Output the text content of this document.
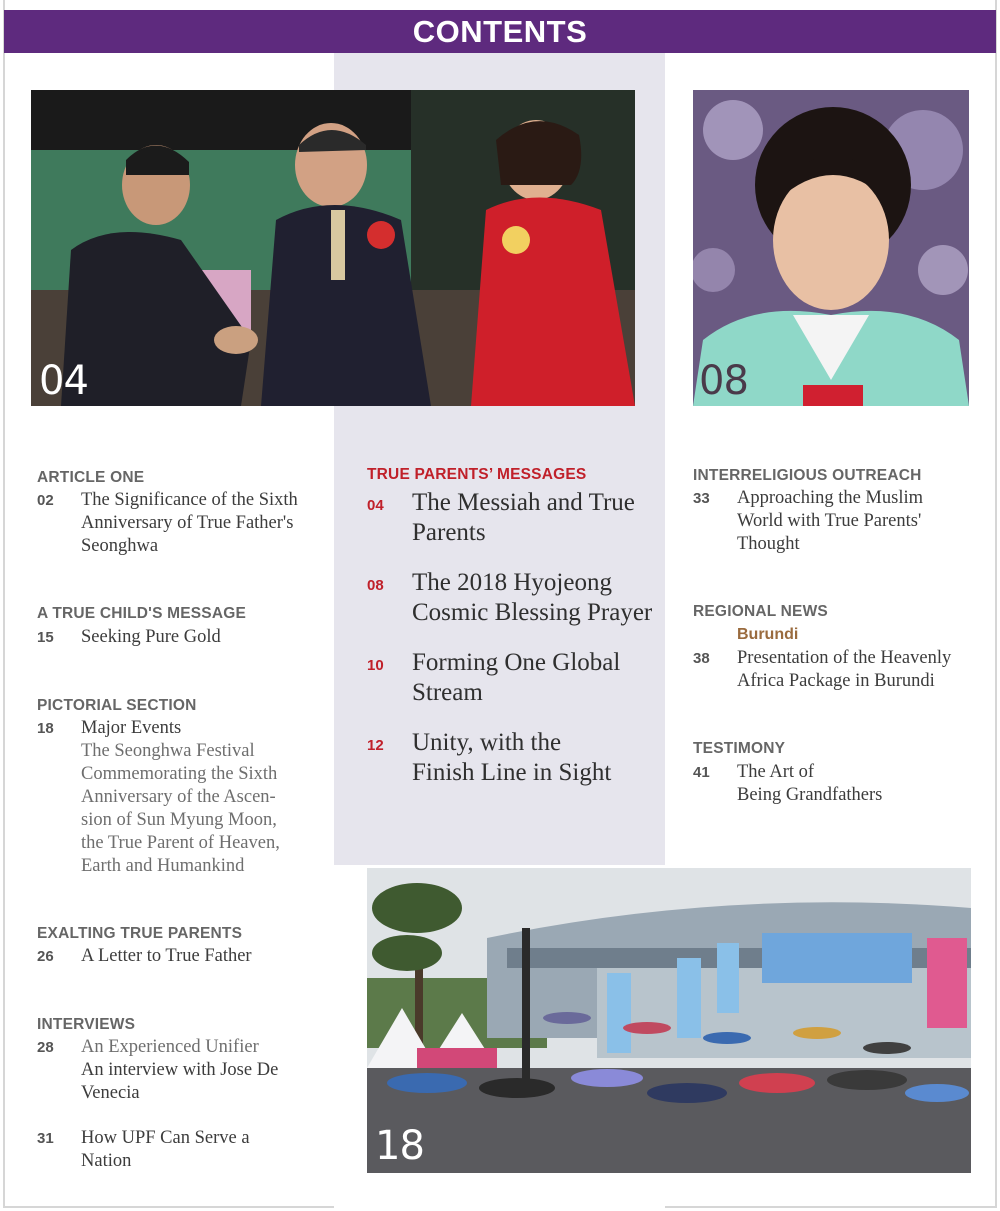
CONTENTS
04	08
18
ARTICLE ONE
02 The Significance of the Sixth
Anniversary of True Father's
Seonghwa
A TRUE CHILD'S MESSAGE
15 Seeking Pure Gold
PICTORIAL SECTION
18 Major Events
The Seonghwa Festival
Commemorating the Sixth
Anniversary of the Ascen-
sion of Sun Myung Moon,
the True Parent of Heaven,
Earth and Humankind
EXALTING TRUE PARENTS
26 A Letter to True Father
INTERVIEWS
28 An Experienced Unifier
An interview with Jose De
Venecia
31 How UPF Can Serve a
Nation
TRUE PARENTS’ MESSAGES
04 The Messiah and True
Parents
08 The 2018 Hyojeong
Cosmic Blessing Prayer
10 Forming One Global
Stream
12 Unity, with the
Finish Line in Sight
INTERRELIGIOUS OUTREACH
33 Approaching the Muslim
World with True Parents'
Thought
REGIONAL NEWS
Burundi
38 Presentation of the Heavenly
Africa Package in Burundi
TESTIMONY
41 The Art of
Being Grandfathers
